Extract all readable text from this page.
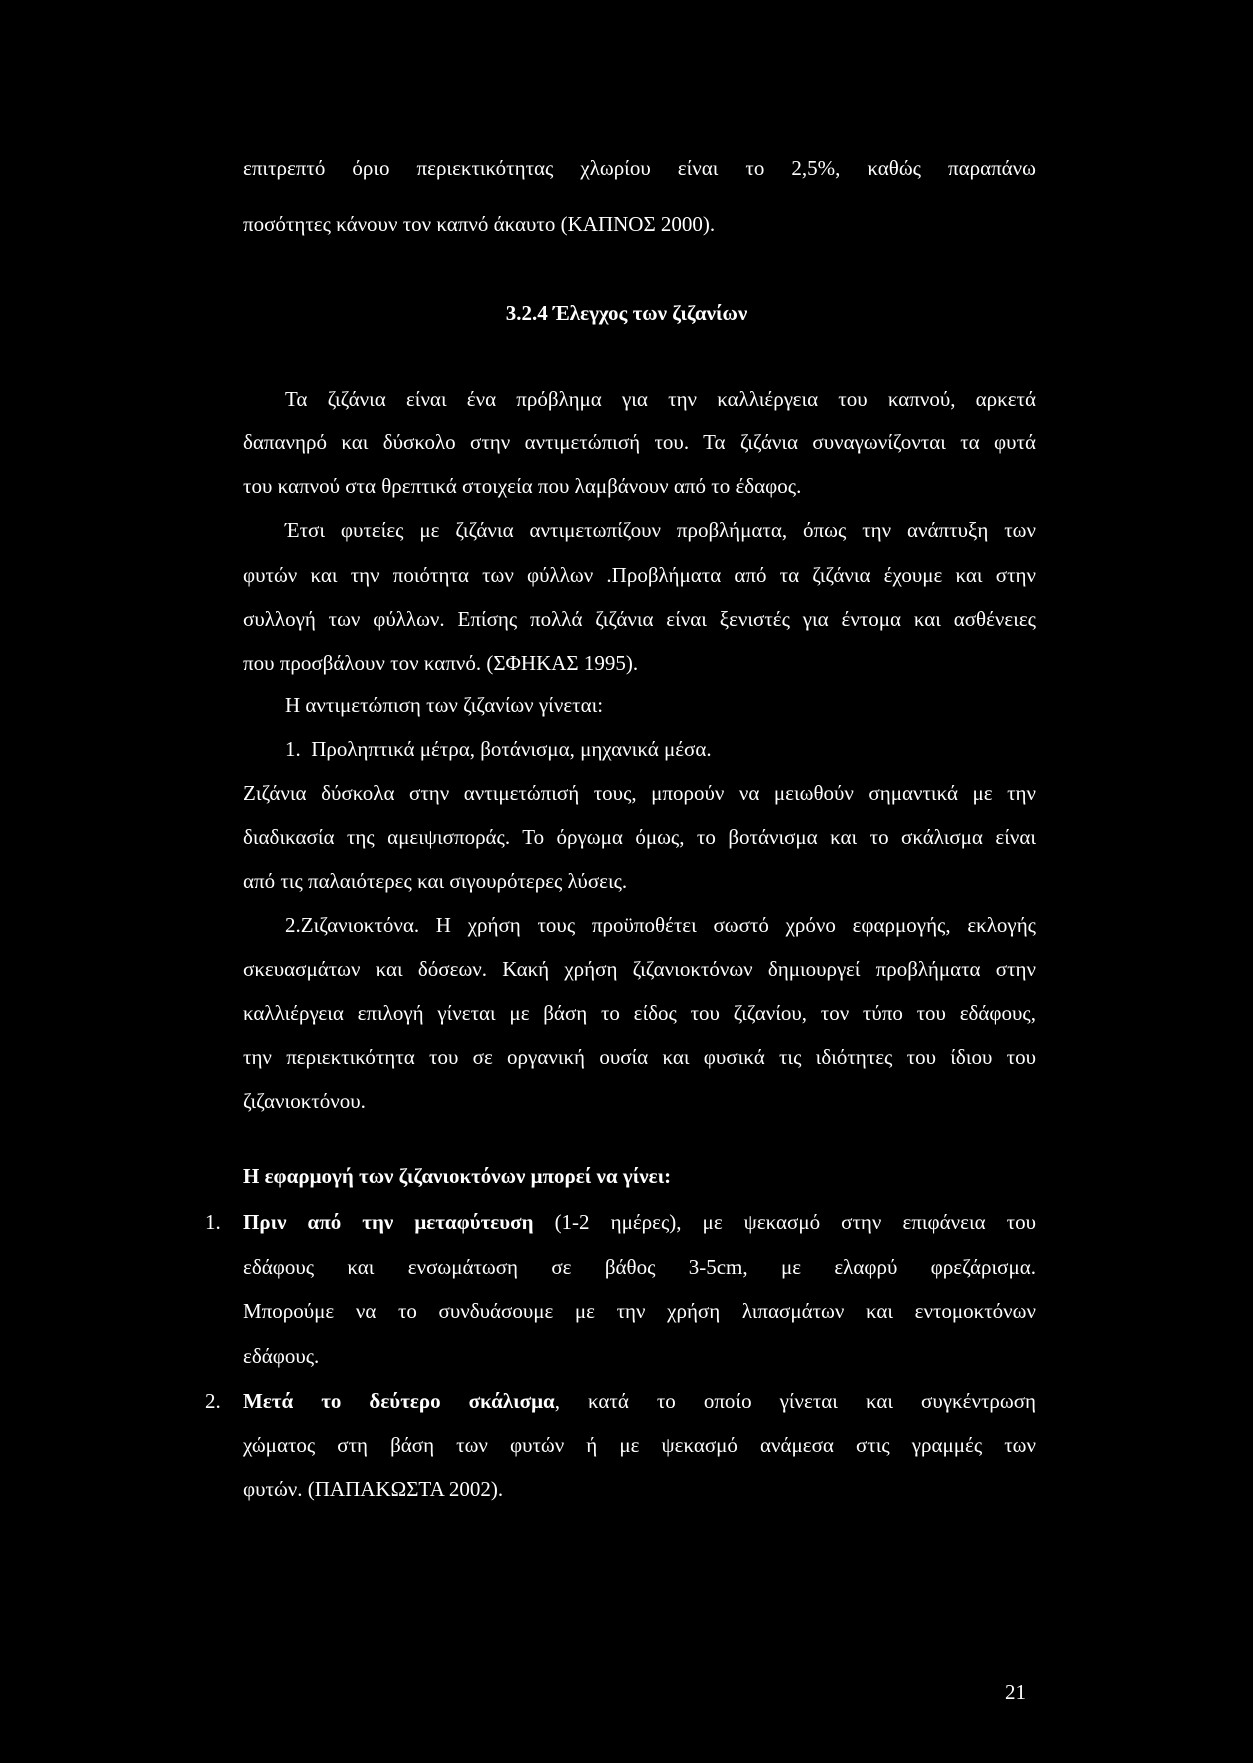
επιτρεπτό όριο περιεκτικότητας χλωρίου είναι το 2,5%, καθώς παραπάνω
ποσότητες κάνουν τον καπνό άκαυτο (ΚΑΠΝΟΣ 2000).
3.2.4 Έλεγχος των ζιζανίων
Τα ζιζάνια είναι ένα πρόβλημα για την καλλιέργεια του καπνού, αρκετά
δαπανηρό και δύσκολο στην αντιμετώπισή του. Τα ζιζάνια συναγωνίζονται τα φυτά
του καπνού στα θρεπτικά στοιχεία που λαμβάνουν από το έδαφος.
Έτσι φυτείες με ζιζάνια αντιμετωπίζουν προβλήματα, όπως την ανάπτυξη των
φυτών και την ποιότητα των φύλλων .Προβλήματα από τα ζιζάνια έχουμε και στην
συλλογή των φύλλων. Επίσης πολλά ζιζάνια είναι ξενιστές για έντομα και ασθένειες
που προσβάλουν τον καπνό. (ΣΦΗΚΑΣ 1995).
Η αντιμετώπιση των ζιζανίων γίνεται:
1.  Προληπτικά μέτρα, βοτάνισμα, μηχανικά μέσα.
Ζιζάνια δύσκολα στην αντιμετώπισή τους, μπορούν να μειωθούν σημαντικά με την
διαδικασία της αμειψισποράς. Το όργωμα όμως, το βοτάνισμα και το σκάλισμα είναι
από τις παλαιότερες και σιγουρότερες λύσεις.
2.Ζιζανιοκτόνα. Η χρήση τους προϋποθέτει σωστό χρόνο εφαρμογής, εκλογής
σκευασμάτων και δόσεων. Κακή χρήση ζιζανιοκτόνων δημιουργεί προβλήματα στην
καλλιέργεια επιλογή γίνεται με βάση το είδος του ζιζανίου, τον τύπο του εδάφους,
την περιεκτικότητα του σε οργανική ουσία και φυσικά τις ιδιότητες του ίδιου του
ζιζανιοκτόνου.
Η εφαρμογή των ζιζανιοκτόνων μπορεί να γίνει:
1. Πριν από την μεταφύτευση (1-2 ημέρες), με ψεκασμό στην επιφάνεια του
εδάφους και ενσωμάτωση σε βάθος 3-5cm, με ελαφρύ φρεζάρισμα.
Μπορούμε να το συνδυάσουμε με την χρήση λιπασμάτων και εντομοκτόνων
εδάφους.
2. Μετά το δεύτερο σκάλισμα, κατά το οποίο γίνεται και συγκέντρωση
χώματος στη βάση των φυτών ή με ψεκασμό ανάμεσα στις γραμμές των
φυτών. (ΠΑΠΑΚΩΣΤΑ 2002).
21
